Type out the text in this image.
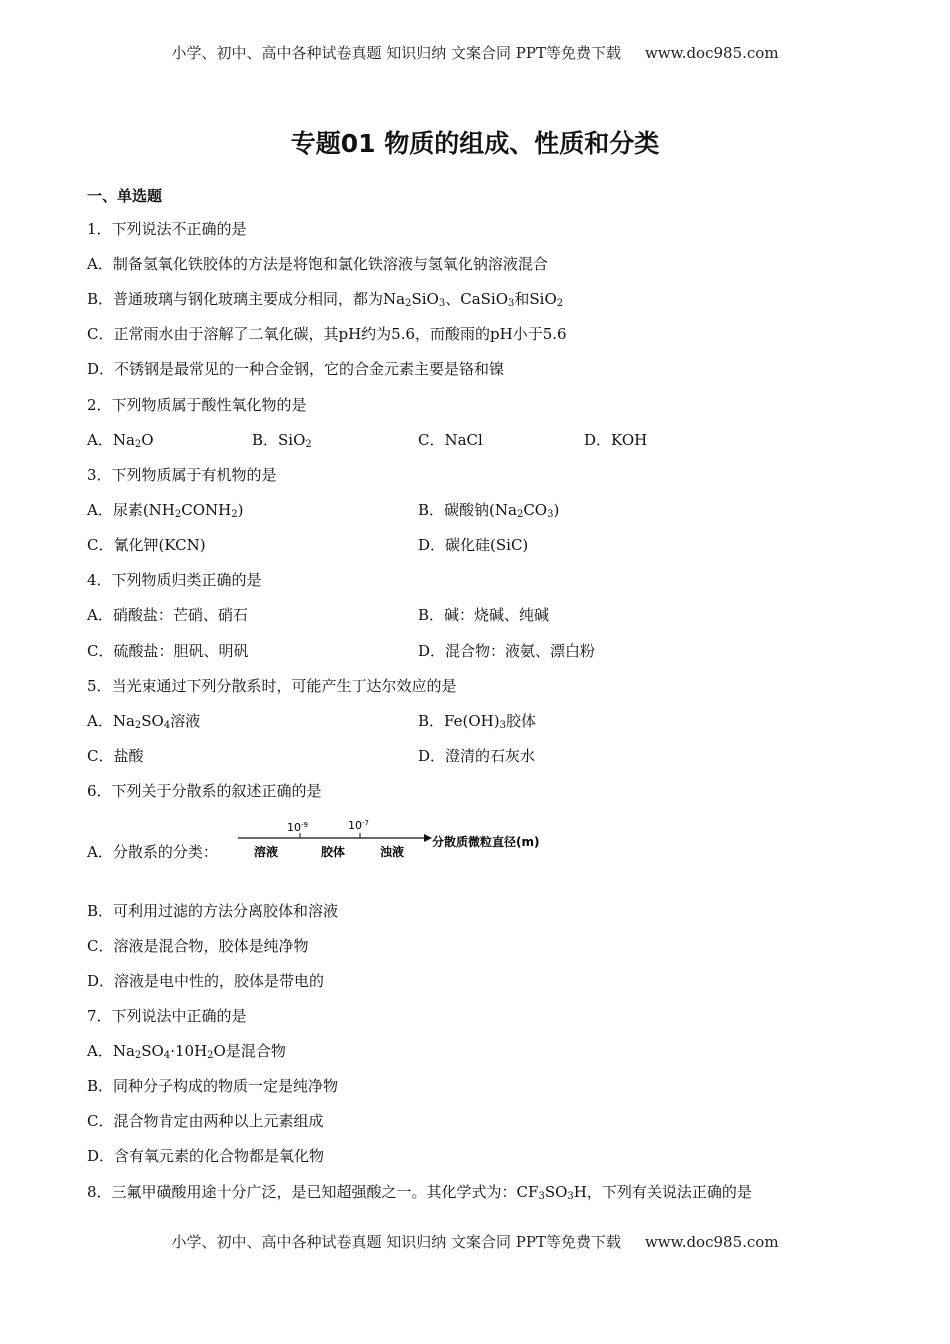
小学、初中、高中各种试卷真题 知识归纳 文案合同 PPT等免费下载 www.doc985.com
专题01 物质的组成、性质和分类
一、单选题
1．下列说法不正确的是
A．制备氢氧化铁胶体的方法是将饱和氯化铁溶液与氢氧化钠溶液混合
B．普通玻璃与钢化玻璃主要成分相同，都为$Na_2SiO_3$、CaSiO$_3$和SiO$_2$
C．正常雨水由于溶解了二氧化碳，其pH约为5.6，而酸雨的pH小于5.6
D．不锈钢是最常见的一种合金钢，它的合金元素主要是铬和镍
2．下列物质属于酸性氧化物的是
A．$Na_2O$	B．SiO$_2$	C．NaCl	D．KOH
3．下列物质属于有机物的是
A．尿素$(NH_2CONH_2)$	B．碳酸钠$(Na_2CO_3)$
C．氰化钾(KCN)	D．碳化硅(SiC)
4．下列物质归类正确的是
A．硝酸盐：芒硝、硝石	B．碱：烧碱、纯碱
C．硫酸盐：胆矾、明矾	D．混合物：液氨、漂白粉
5．当光束通过下列分散系时，可能产生丁达尔效应的是
A．$Na_2SO_4$溶液	B．$Fe(OH)_3$胶体
C．盐酸	D．澄清的石灰水
6．下列关于分散系的叙述正确的是
A．分散系的分类：
$10^{-9}$	$10^{-7}$
溶液	胶体	浊液
分散质微粒直径(m)
B．可利用过滤的方法分离胶体和溶液
C．溶液是混合物，胶体是纯净物
D．溶液是电中性的，胶体是带电的
7．下列说法中正确的是
A．$Na_2SO_4\cdot 10H_2O$是混合物
B．同种分子构成的物质一定是纯净物
C．混合物肯定由两种以上元素组成
D．含有氧元素的化合物都是氧化物
8．三氟甲磺酸用途十分广泛，是已知超强酸之一。其化学式为：$CF_3SO_3H$，下列有关说法正确的是
小学、初中、高中各种试卷真题 知识归纳 文案合同 PPT等免费下载 www.doc985.com
